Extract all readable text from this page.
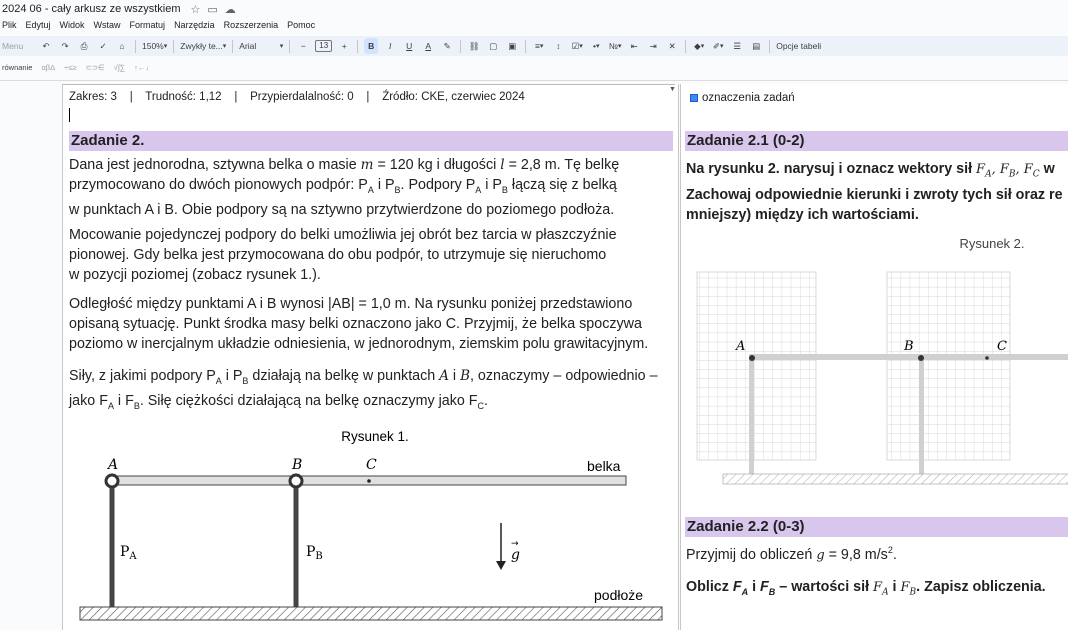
2024 06 - cały arkusz ze wszystkiem ☆ ▭ ☁
Plik Edytuj Widok Wstaw Formatuj Narzędzia Rozszerzenia Pomoc
Menu	↶	↷	⎙	✓	⌂	150% ▾	Zwykły te... ▾	Arial ▾	−	13	+	B	I	U	A	✎	⛓	▢	▣	≡ ▾	↕	☑ ▾	• ▾	№ ▾	⇤	⇥	✕	◆ ▾	✐ ▾	☰	▤	Opcje tabeli
równanie αβΔ ÷≤≥ ⊂⊃∈ √∫∑ ↑←↓
Zakres: 3    |    Trudność: 1,12    |    Przypierdalalność: 0    |    Źródło: CKE, czerwiec 2024
▼
Zadanie 2.
Dana jest jednorodna, sztywna belka o masie m = 120 kg i długości l = 2,8 m. Tę belkę
przymocowano do dwóch pionowych podpór: $P_A$ i $P_B$. Podpory $P_A$ i $P_B$ łączą się z belką
w punktach A i B. Obie podpory są na sztywno przytwierdzone do poziomego podłoża.
Mocowanie pojedynczej podpory do belki umożliwia jej obrót bez tarcia w płaszczyźnie
pionowej. Gdy belka jest przymocowana do obu podpór, to utrzymuje się nieruchomo
w pozycji poziomej (zobacz rysunek 1.).
Odległość między punktami A i B wynosi |AB| = 1,0 m. Na rysunku poniżej przedstawiono
opisaną sytuację. Punkt środka masy belki oznaczono jako C. Przyjmij, że belka spoczywa
poziomo w inercjalnym układzie odniesienia, w jednorodnym, ziemskim polu grawitacyjnym.
Siły, z jakimi podpory $P_A$ i $P_B$ działają na belkę w punktach A i B, oznaczymy – odpowiednio –
jako $F_A$ i $F_B$. Siłę ciężkości działającą na belkę oznaczymy jako $F_C$.
Rysunek 1.
A	B	C	belka
$P_A$	$P_B$	g
→
podłoże
oznaczenia zadań
Zadanie 2.1 (0-2)
Na rysunku 2. narysuj i oznacz wektory sił $F_A$, $F_B$, $F_C$ w
Zachowaj odpowiednie kierunki i zwroty tych sił oraz re
mniejszy) między ich wartościami.
Rysunek 2.
A	B	C
Zadanie 2.2 (0-3)
Przyjmij do obliczeń g = 9,8 $m/s^2$.
Oblicz $F_A$ i $F_B$ – wartości sił $F_A$ i $F_B$. Zapisz obliczenia.
